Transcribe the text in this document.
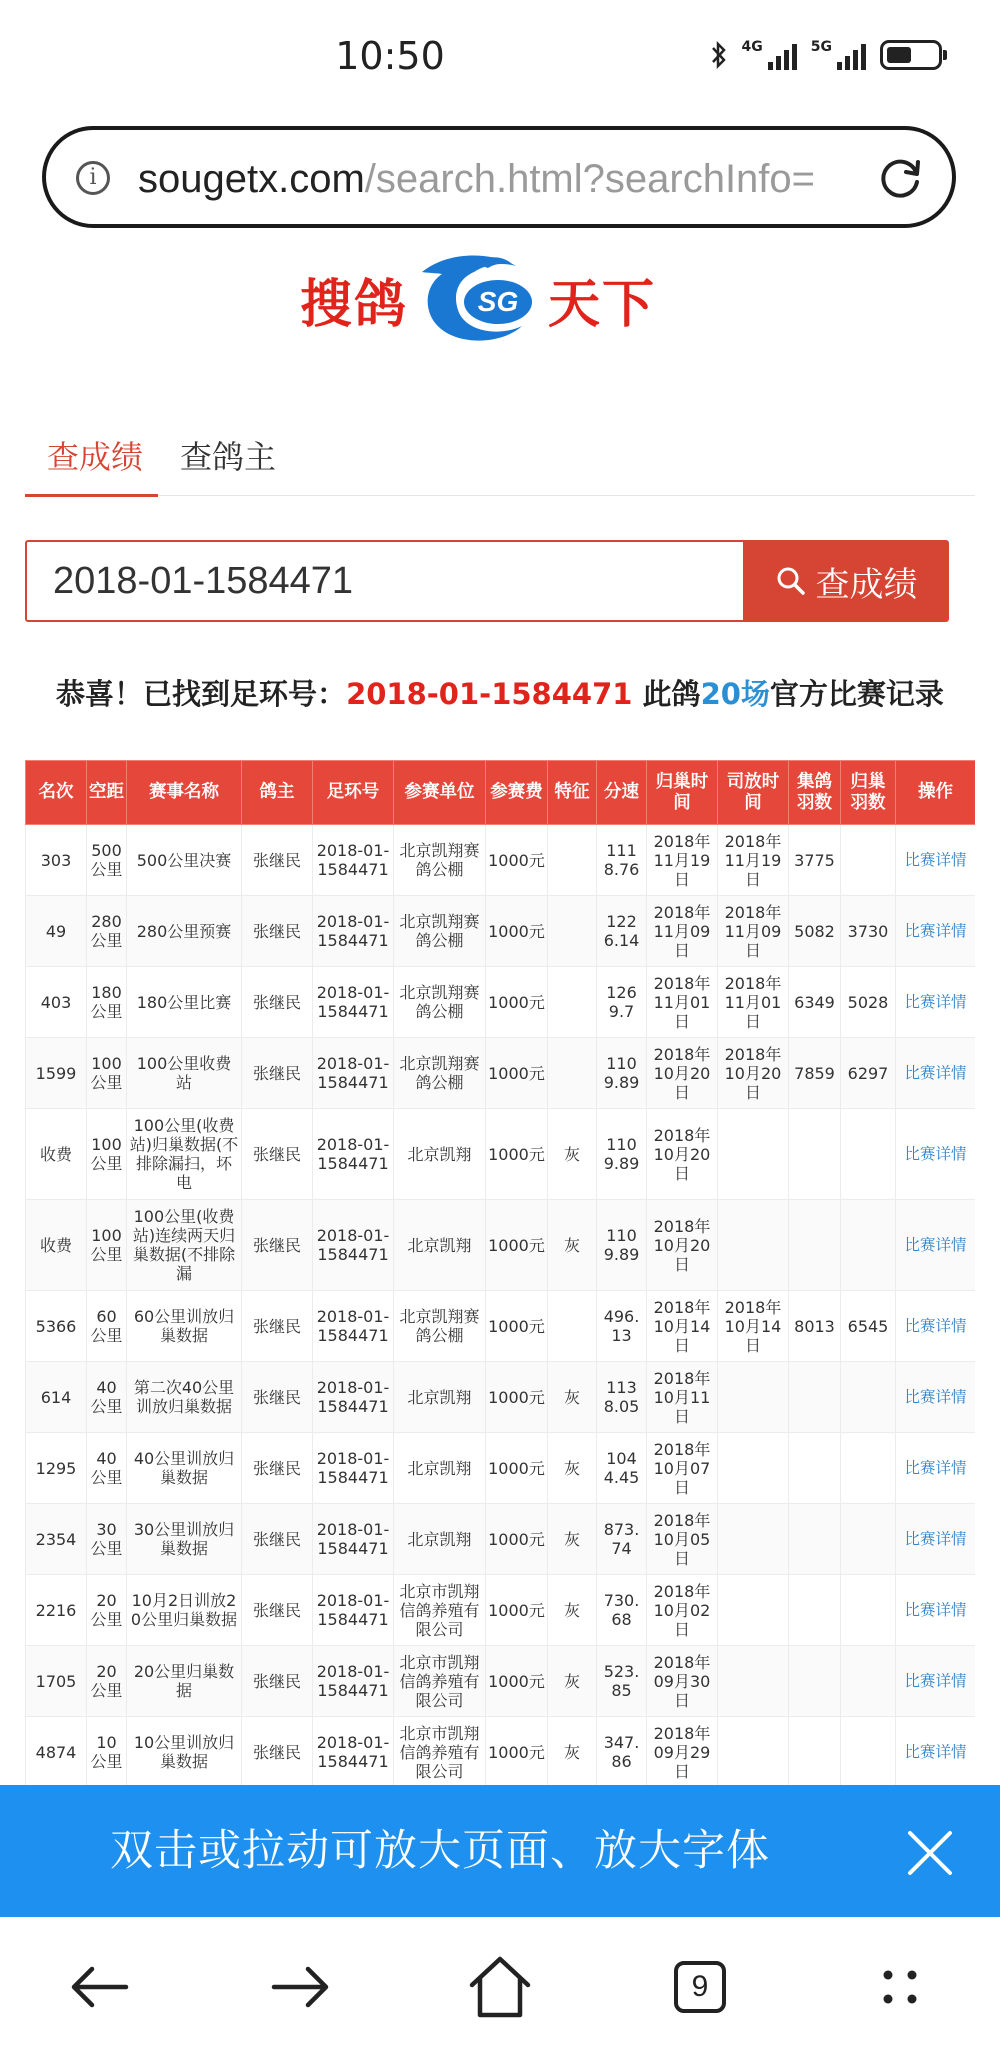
10:50	4G	5G
i	sougetx.com/search.html?searchInfo=
搜鸽 SG 天下
查成绩 查鸽主
2018-01-1584471	查成绩
恭喜！已找到足环号：2018-01-1584471 此鸽20场官方比赛记录
名次	空距	赛事名称	鸽主	足环号	参赛单位	参赛费	特征	分速	归巢时间	司放时间	集鸽羽数	归巢羽数	操作
303	500公里	500公里决赛	张继民	2018-01-1584471	北京凯翔赛鸽公棚	1000元		1118.76	2018年11月19日	2018年11月19日	3775		比赛详情
49	280公里	280公里预赛	张继民	2018-01-1584471	北京凯翔赛鸽公棚	1000元		1226.14	2018年11月09日	2018年11月09日	5082	3730	比赛详情
403	180公里	180公里比赛	张继民	2018-01-1584471	北京凯翔赛鸽公棚	1000元		1269.7	2018年11月01日	2018年11月01日	6349	5028	比赛详情
1599	100公里	100公里收费站	张继民	2018-01-1584471	北京凯翔赛鸽公棚	1000元		1109.89	2018年10月20日	2018年10月20日	7859	6297	比赛详情
收费	100公里	100公里(收费站)归巢数据(不排除漏扫，坏电	张继民	2018-01-1584471	北京凯翔	1000元	灰	1109.89	2018年10月20日				比赛详情
收费	100公里	100公里(收费站)连续两天归巢数据(不排除漏	张继民	2018-01-1584471	北京凯翔	1000元	灰	1109.89	2018年10月20日				比赛详情
5366	60公里	60公里训放归巢数据	张继民	2018-01-1584471	北京凯翔赛鸽公棚	1000元		496.13	2018年10月14日	2018年10月14日	8013	6545	比赛详情
614	40公里	第二次40公里训放归巢数据	张继民	2018-01-1584471	北京凯翔	1000元	灰	1138.05	2018年10月11日				比赛详情
1295	40公里	40公里训放归巢数据	张继民	2018-01-1584471	北京凯翔	1000元	灰	1044.45	2018年10月07日				比赛详情
2354	30公里	30公里训放归巢数据	张继民	2018-01-1584471	北京凯翔	1000元	灰	873.74	2018年10月05日				比赛详情
2216	20公里	10月2日训放20公里归巢数据	张继民	2018-01-1584471	北京市凯翔信鸽养殖有限公司	1000元	灰	730.68	2018年10月02日				比赛详情
1705	20公里	20公里归巢数据	张继民	2018-01-1584471	北京市凯翔信鸽养殖有限公司	1000元	灰	523.85	2018年09月30日				比赛详情
4874	10公里	10公里训放归巢数据	张继民	2018-01-1584471	北京市凯翔信鸽养殖有限公司	1000元	灰	347.86	2018年09月29日				比赛详情
双击或拉动可放大页面、放大字体
9
